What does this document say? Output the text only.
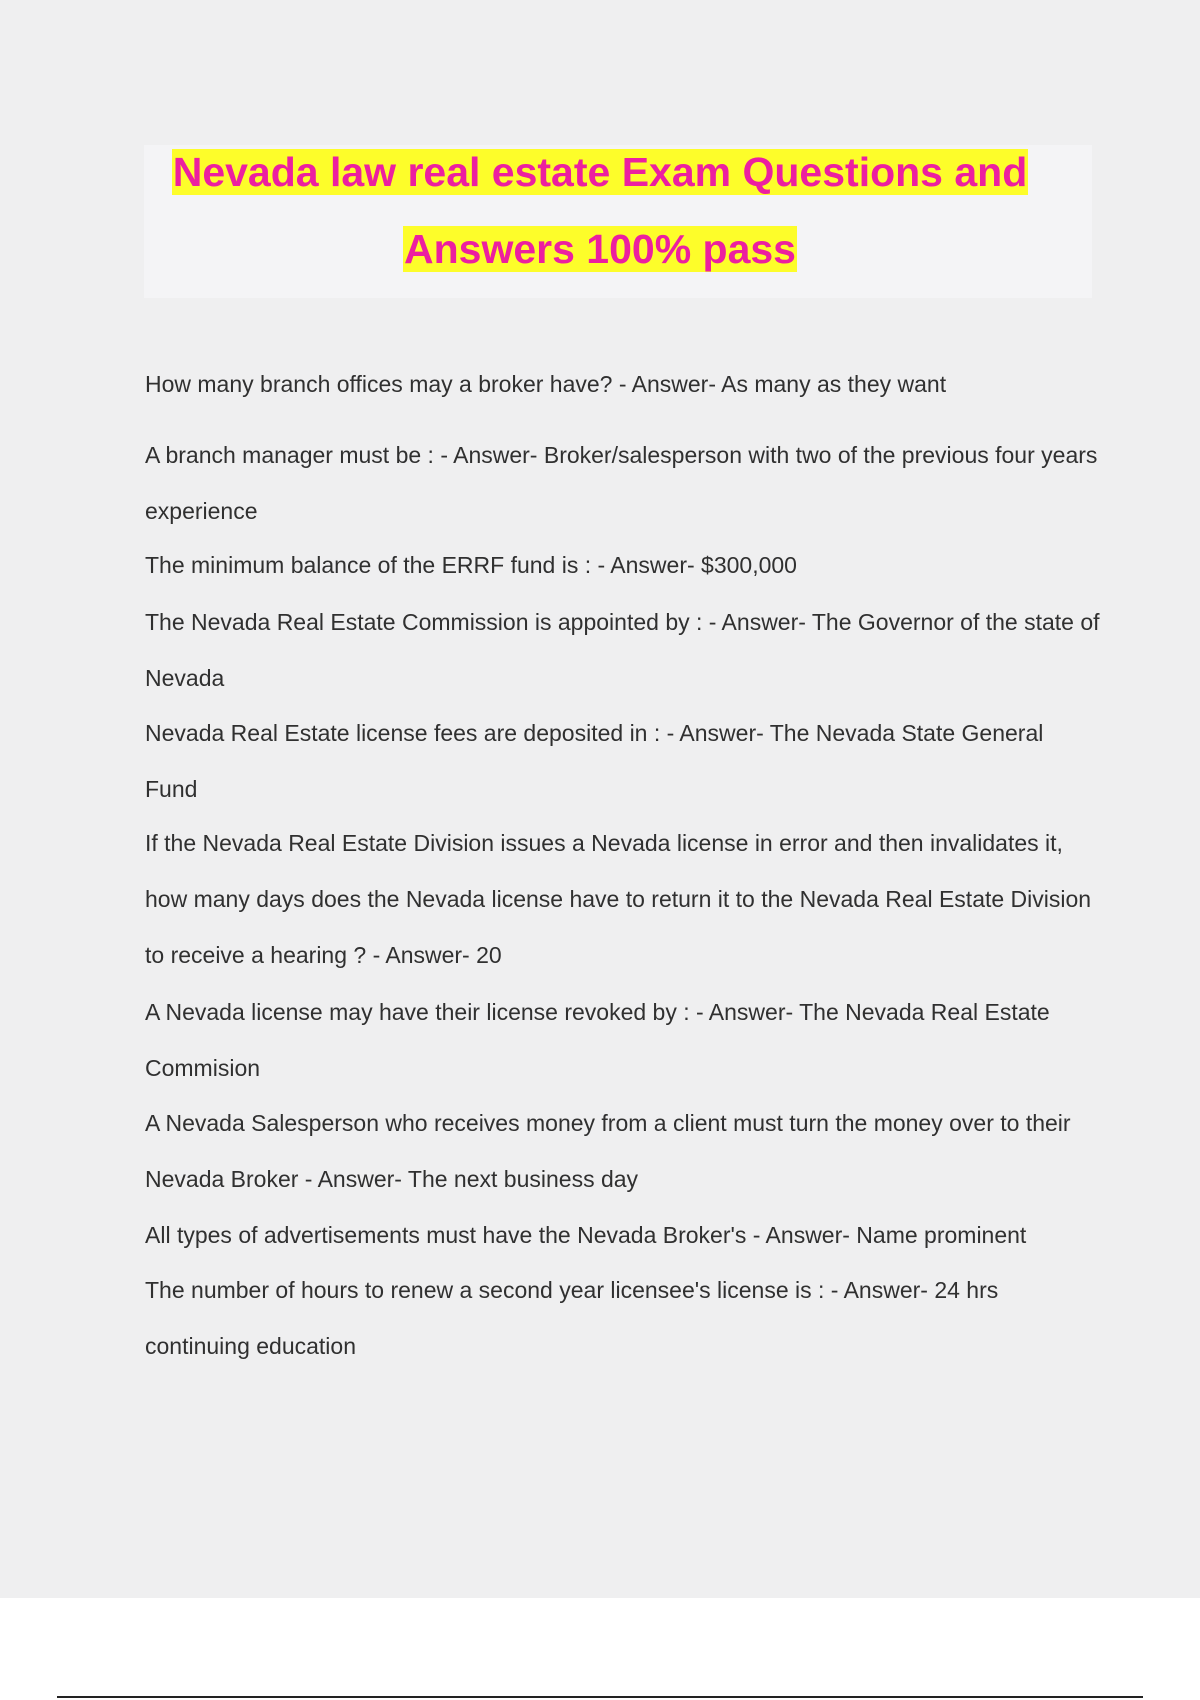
Nevada law real estate Exam Questions and
Answers 100% pass

How many branch offices may a broker have? - Answer- As many as they want

A branch manager must be : - Answer- Broker/salesperson with two of the previous four years experience

The minimum balance of the ERRF fund is : - Answer- $300,000

The Nevada Real Estate Commission is appointed by : - Answer- The Governor of the state of Nevada

Nevada Real Estate license fees are deposited in : - Answer- The Nevada State General Fund

If the Nevada Real Estate Division issues a Nevada license in error and then invalidates it, how many days does the Nevada license have to return it to the Nevada Real Estate Division to receive a hearing ? - Answer- 20

A Nevada license may have their license revoked by : - Answer- The Nevada Real Estate Commision

A Nevada Salesperson who receives money from a client must turn the money over to their Nevada Broker - Answer- The next business day

All types of advertisements must have the Nevada Broker's - Answer- Name prominent

The number of hours to renew a second year licensee's license is : - Answer- 24 hrs continuing education
